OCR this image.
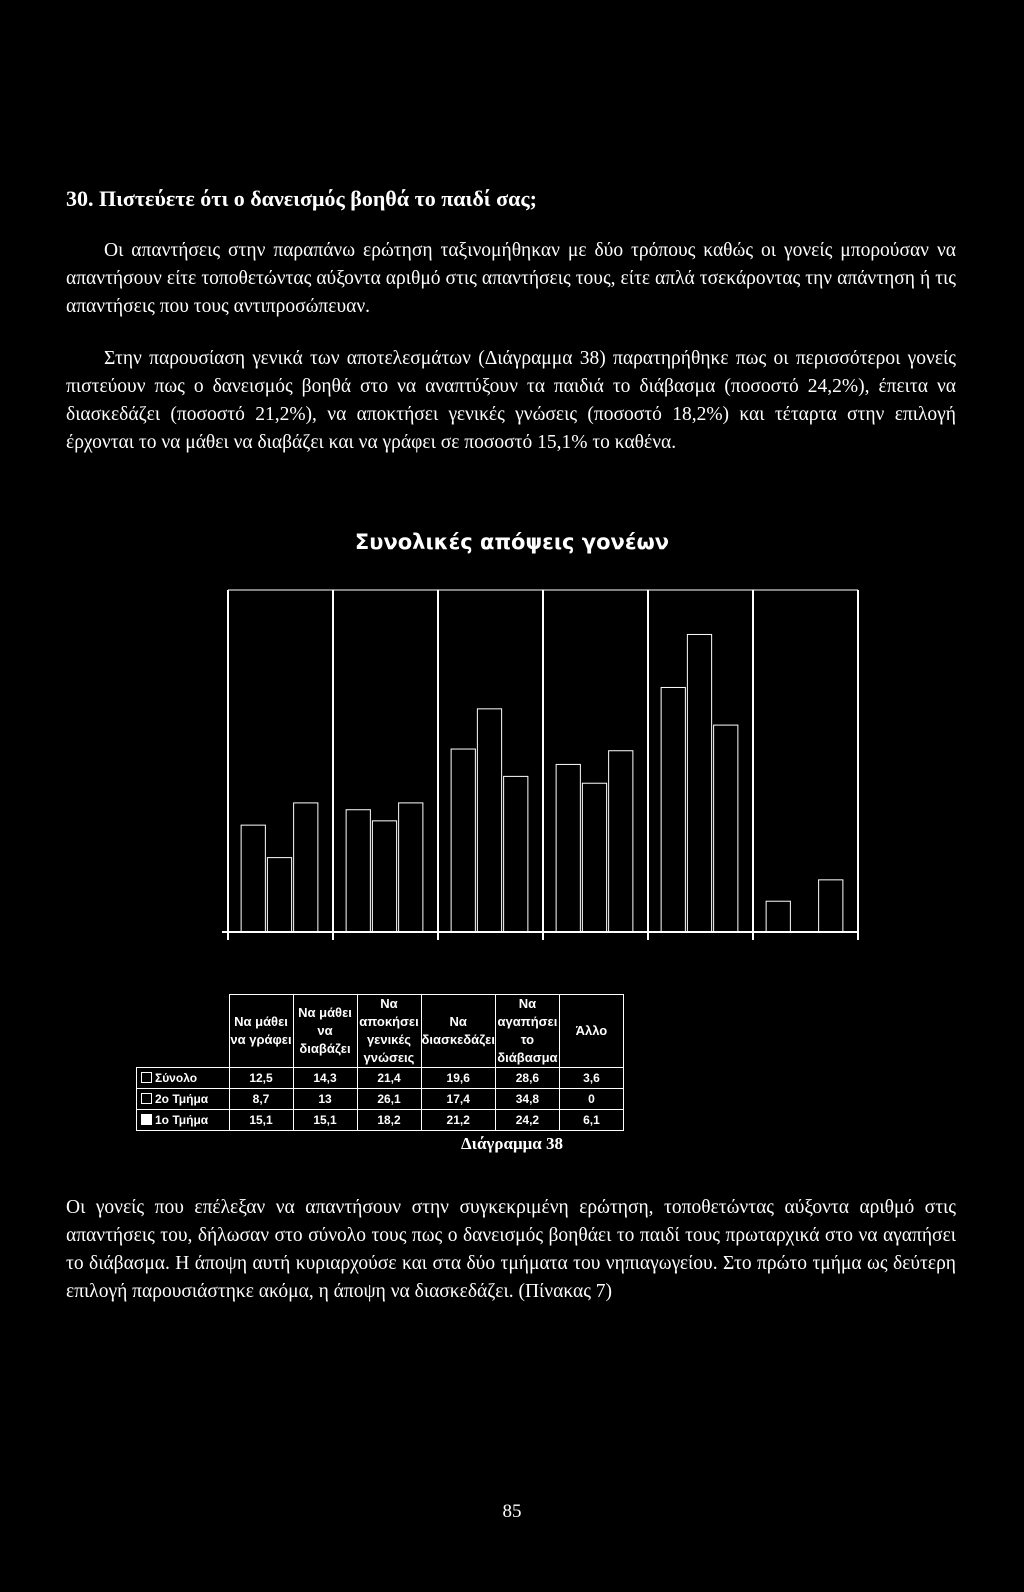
30. Πιστεύετε ότι ο δανεισμός βοηθά το παιδί σας;

Οι απαντήσεις στην παραπάνω ερώτηση ταξινομήθηκαν με δύο τρόπους καθώς οι γονείς μπορούσαν να απαντήσουν είτε τοποθετώντας αύξοντα αριθμό στις απαντήσεις τους, είτε απλά τσεκάροντας την απάντηση ή τις απαντήσεις που τους αντιπροσώπευαν.

Στην παρουσίαση γενικά των αποτελεσμάτων (Διάγραμμα 38) παρατηρήθηκε πως οι περισσότεροι γονείς πιστεύουν πως ο δανεισμός βοηθά στο να αναπτύξουν τα παιδιά το διάβασμα (ποσοστό 24,2%), έπειτα να διασκεδάζει (ποσοστό 21,2%), να αποκτήσει γενικές γνώσεις (ποσοστό 18,2%) και τέταρτα στην επιλογή έρχονται το να μάθει να διαβάζει και να γράφει σε ποσοστό 15,1% το καθένα.

Συνολικές απόψεις γονέων
	Να μάθει να γράφει	Να μάθει να διαβάζει	Να αποκήσει γενικές γνώσεις	Να διασκεδάζει	Να αγαπήσει το διάβασμα	Άλλο
Σύνολο	12,5	14,3	21,4	19,6	28,6	3,6
2ο Τμήμα	8,7	13	26,1	17,4	34,8	0
1ο Τμήμα	15,1	15,1	18,2	21,2	24,2	6,1
Διάγραμμα 38

Οι γονείς που επέλεξαν να απαντήσουν στην συγκεκριμένη ερώτηση, τοποθετώντας αύξοντα αριθμό στις απαντήσεις του, δήλωσαν στο σύνολο τους πως ο δανεισμός βοηθάει το παιδί τους πρωταρχικά στο να αγαπήσει το διάβασμα. Η άποψη αυτή κυριαρχούσε και στα δύο τμήματα του νηπιαγωγείου. Στο πρώτο τμήμα ως δεύτερη επιλογή παρουσιάστηκε ακόμα, η άποψη να διασκεδάζει. (Πίνακας 7)

85
